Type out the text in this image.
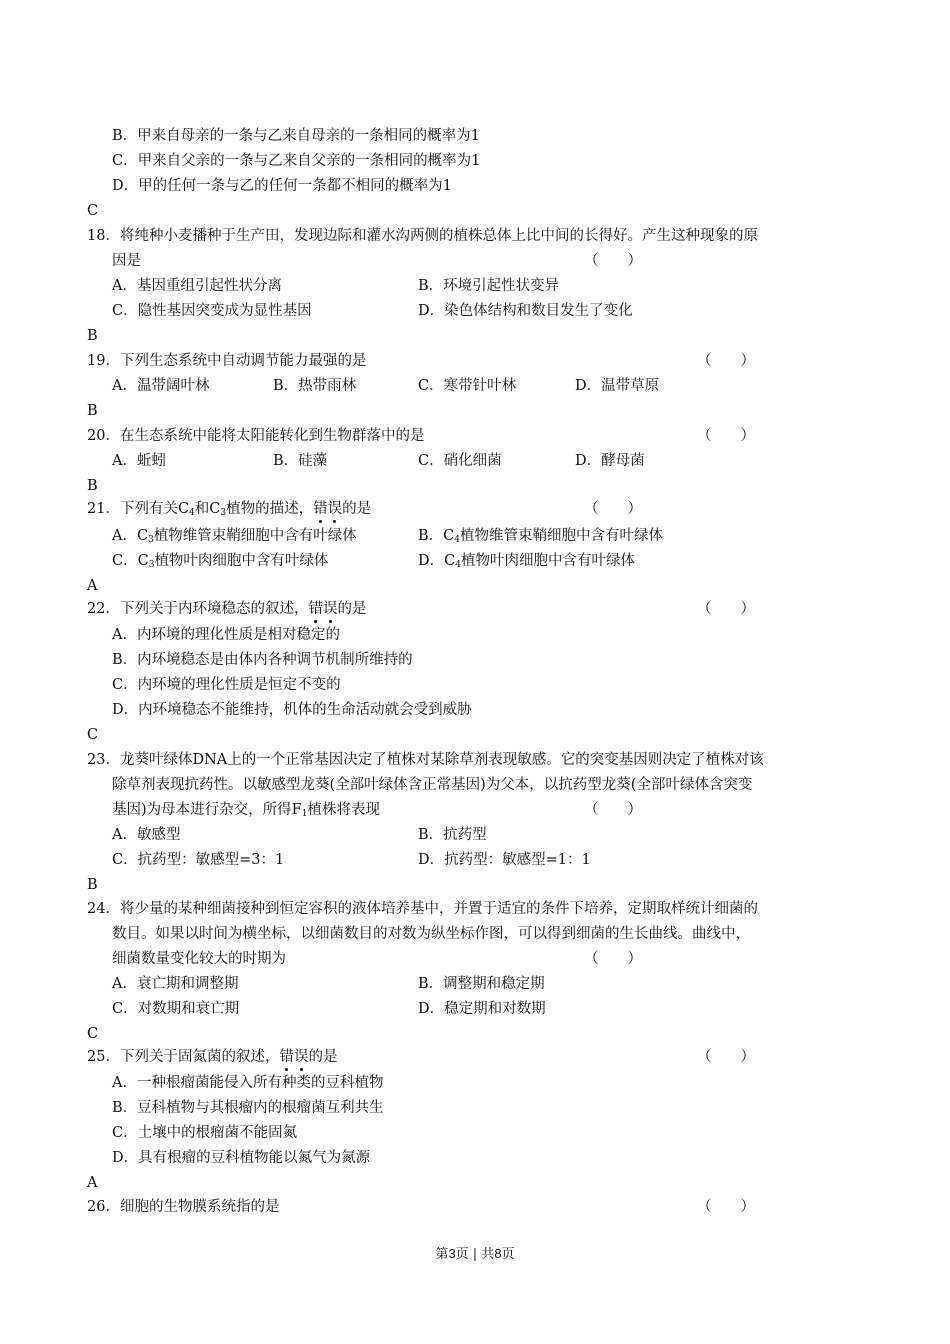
B．甲来自母亲的一条与乙来自母亲的一条相同的概率为1
C．甲来自父亲的一条与乙来自父亲的一条相同的概率为1
D．甲的任何一条与乙的任何一条都不相同的概率为1
C
18．将纯种小麦播种于生产田，发现边际和灌水沟两侧的植株总体上比中间的长得好。产生这种现象的原
因是	（　　）
A．基因重组引起性状分离	B．环境引起性状变异
C．隐性基因突变成为显性基因	D．染色体结构和数目发生了变化
B
19．下列生态系统中自动调节能力最强的是	（　　）
A．温带阔叶林	B．热带雨林	C．寒带针叶林	D．温带草原
B
20．在生态系统中能将太阳能转化到生物群落中的是	（　　）
A．蚯蚓	B．硅藻	C．硝化细菌	D．酵母菌
B
21．下列有关$C_4$和$C_3$植物的描述，错误的是	（　　）
A．$C_3$植物维管束鞘细胞中含有叶绿体	B．$C_4$植物维管束鞘细胞中含有叶绿体
C．$C_3$植物叶肉细胞中含有叶绿体	D．$C_4$植物叶肉细胞中含有叶绿体
A
22．下列关于内环境稳态的叙述，错误的是	（　　）
A．内环境的理化性质是相对稳定的
B．内环境稳态是由体内各种调节机制所维持的
C．内环境的理化性质是恒定不变的
D．内环境稳态不能维持，机体的生命活动就会受到威胁
C
23．龙葵叶绿体DNA上的一个正常基因决定了植株对某除草剂表现敏感。它的突变基因则决定了植株对该
除草剂表现抗药性。以敏感型龙葵(全部叶绿体含正常基因)为父本，以抗药型龙葵(全部叶绿体含突变
基因)为母本进行杂交，所得$F_1$植株将表现	（　　）
A．敏感型	B．抗药型
C．抗药型：敏感型=3：1	D．抗药型：敏感型=1：1
B
24．将少量的某种细菌接种到恒定容积的液体培养基中，并置于适宜的条件下培养，定期取样统计细菌的
数目。如果以时间为横坐标，以细菌数目的对数为纵坐标作图，可以得到细菌的生长曲线。曲线中，
细菌数量变化较大的时期为	（　　）
A．衰亡期和调整期	B．调整期和稳定期
C．对数期和衰亡期	D．稳定期和对数期
C
25．下列关于固氮菌的叙述，错误的是	（　　）
A．一种根瘤菌能侵入所有种类的豆科植物
B．豆科植物与其根瘤内的根瘤菌互利共生
C．土壤中的根瘤菌不能固氮
D．具有根瘤的豆科植物能以氮气为氮源
A
26．细胞的生物膜系统指的是	（　　）
第3页 | 共8页
